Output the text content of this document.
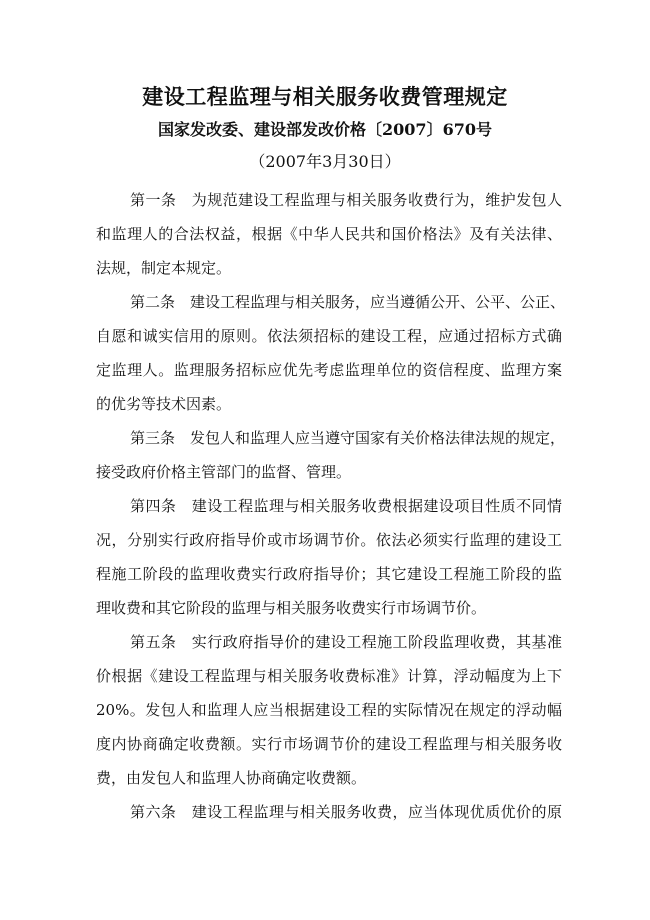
建设工程监理与相关服务收费管理规定
国家发改委、建设部发改价格〔2007〕670号
（2007年3月30日）
第一条　为规范建设工程监理与相关服务收费行为，维护发包人
和监理人的合法权益，根据《中华人民共和国价格法》及有关法律、
法规，制定本规定。
第二条　建设工程监理与相关服务，应当遵循公开、公平、公正、
自愿和诚实信用的原则。依法须招标的建设工程，应通过招标方式确
定监理人。监理服务招标应优先考虑监理单位的资信程度、监理方案
的优劣等技术因素。
第三条　发包人和监理人应当遵守国家有关价格法律法规的规定，
接受政府价格主管部门的监督、管理。
第四条　建设工程监理与相关服务收费根据建设项目性质不同情
况，分别实行政府指导价或市场调节价。依法必须实行监理的建设工
程施工阶段的监理收费实行政府指导价；其它建设工程施工阶段的监
理收费和其它阶段的监理与相关服务收费实行市场调节价。
第五条　实行政府指导价的建设工程施工阶段监理收费，其基准
价根据《建设工程监理与相关服务收费标准》计算，浮动幅度为上下
20%。发包人和监理人应当根据建设工程的实际情况在规定的浮动幅
度内协商确定收费额。实行市场调节价的建设工程监理与相关服务收
费，由发包人和监理人协商确定收费额。
第六条　建设工程监理与相关服务收费，应当体现优质优价的原
